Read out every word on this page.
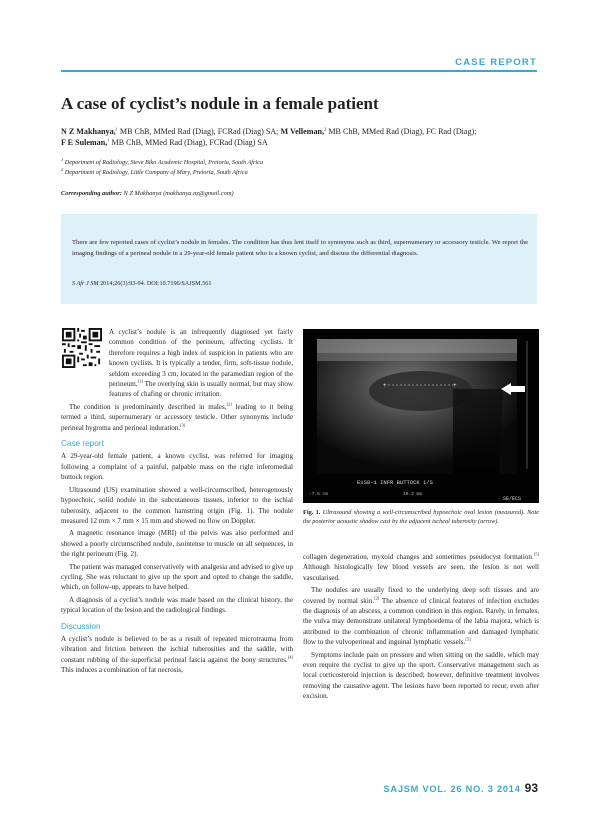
CASE REPORT
A case of cyclist’s nodule in a female patient
N Z Makhanya,$^1$ MB ChB, MMed Rad (Diag), FCRad (Diag) SA; M Velleman,$^2$ MB ChB, MMed Rad (Diag), FC Rad (Diag);
F E Suleman,$^1$ MB ChB, MMed Rad (Diag), FCRad (Diag) SA
$^1$ Department of Radiology, Steve Biko Academic Hospital, Pretoria, South Africa
$^2$ Department of Radiology, Little Company of Mary, Pretoria, South Africa
Corresponding author: N Z Makhanya (makhanya.nz@gmail.com)
There are few reported cases of cyclist’s nodule in females. The condition has thus lent itself to synonyms such as third, supernumerary or accessory testicle. We report the imaging findings of a perineal nodule in a 29-year-old female patient who is a known cyclist, and discuss the differential diagnosis.
S Afr J SM 2014;26(3):93-94. DOI:10.7196/SAJSM.561

A cyclist’s nodule is an infrequently diagnosed yet fairly common condition of the perineum, affecting cyclists. It therefore requires a high index of suspicion in patients who are known cyclists. It is typically a tender, firm, soft-tissue nodule, seldom exceeding 3 cm, located in the paramedian region of the perineum.[1] The overlying skin is usually normal, but may show features of chafing or chronic irritation.

The condition is predominantly described in males,[2] leading to it being termed a third, supernumerary or accessory testicle. Other synonyms include perineal hygroma and perineal induration.[3]

Case report

A 29-year-old female patient, a known cyclist, was referred for imaging following a complaint of a painful, palpable mass on the right inferomedial buttock region.

Ultrasound (US) examination showed a well-circumscribed, heterogenously hypoechoic, solid nodule in the subcutaneous tissues, inferior to the ischial tuberosity, adjacent to the common hamstring origin (Fig. 1). The nodule measured 12 mm × 7 mm × 15 mm and showed no flow on Doppler.

A magnetic resonance image (MRI) of the pelvis was also performed and showed a poorly circumscribed nodule, isointense to muscle on all sequences, in the right perineum (Fig. 2).

The patient was managed conservatively with analgesia and advised to give up cycling. She was reluctant to give up the sport and opted to change the saddle, which, on follow-up, appears to have helped.

A diagnosis of a cyclist’s nodule was made based on the clinical history, the typical location of the lesion and the radiological findings.

Discussion

A cyclist’s nodule is believed to be as a result of repeated microtrauma from vibration and friction between the ischial tuberosities and the saddle, with constant rubbing of the superficial perineal fascia against the bony structures.[4] This induces a combination of fat necrosis,

+	+
E1S8-1 INFR BUTTOCK 1/S
SE/ECS
-7.5 cm	10.3 mm
Fig. 1. Ultrasound showing a well-circumscribed hypoechoic oval lesion (measured). Note the posterior acoustic shadow cast by the adjacent ischeal tuberosity (arrow).

collagen degeneration, myxoid changes and sometimes pseudocyst formation.[5] Although histologically few blood vessels are seen, the lesion is not well vascularised.

The nodules are usually fixed to the underlying deep soft tissues and are covered by normal skin.[2] The absence of clinical features of infection excludes the diagnosis of an abscess, a common condition in this region. Rarely, in females, the vulva may demonstrate unilateral lymphoedema of the labia majora, which is attributed to the combination of chronic inflammation and damaged lymphatic flow to the vulvoperineal and inguinal lymphatic vessels.[5]

Symptoms include pain on pressure and when sitting on the saddle, which may even require the cyclist to give up the sport. Conservative management such as local corticosteroid injection is described; however, definitive treatment involves removing the causative agent. The lesions have been reported to recur, even after excision.

SAJSM VOL. 26 NO. 3 2014 93
